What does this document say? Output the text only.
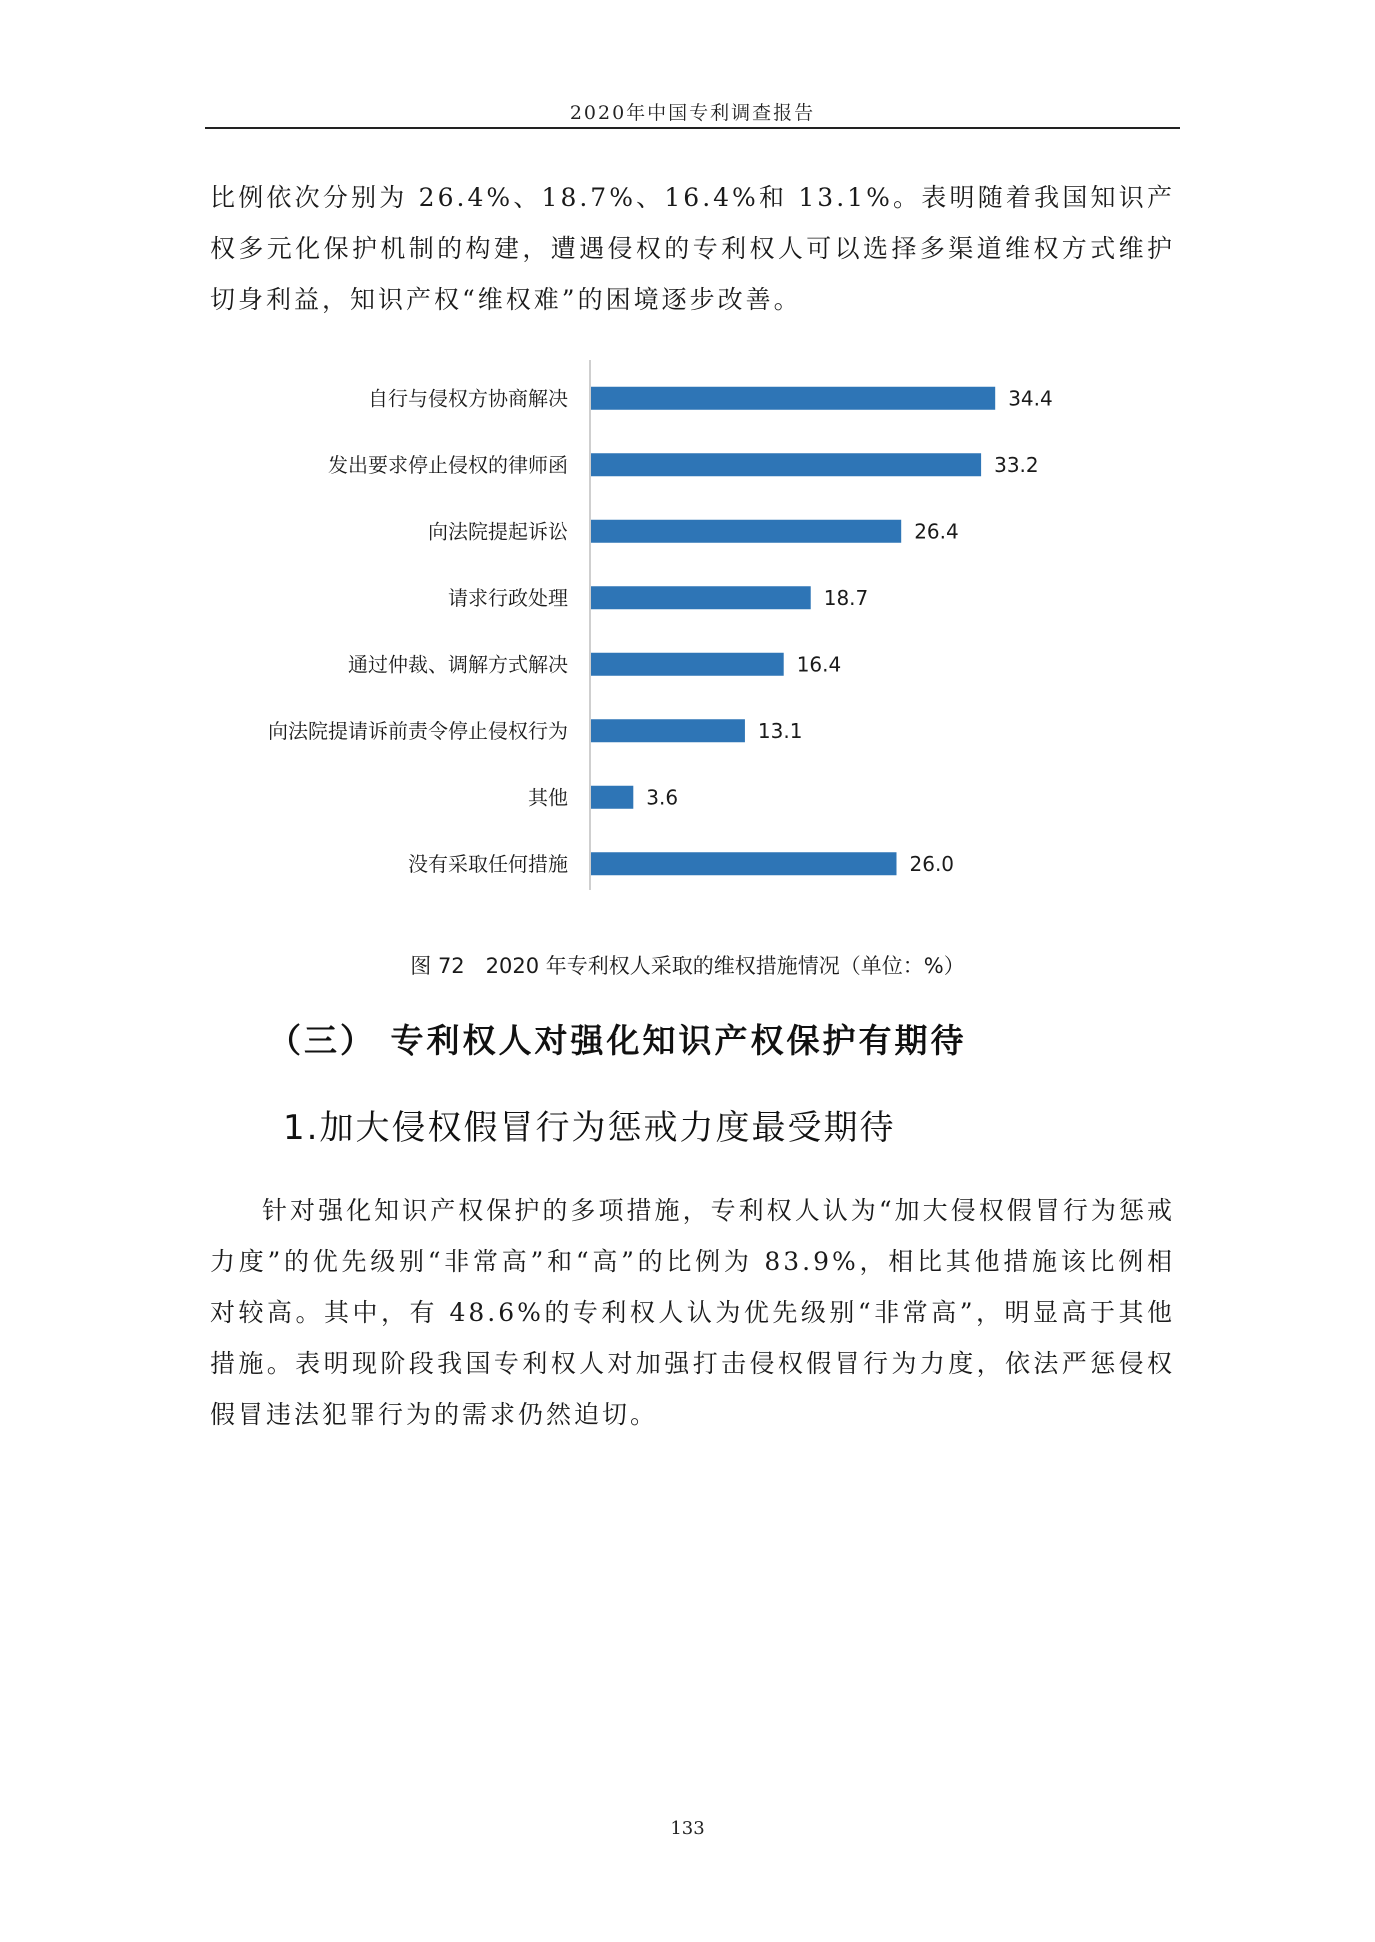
2020年中国专利调查报告
比例依次分别为 26.4%、18.7%、16.4%和 13.1%。表明随着我国知识产权多元化保护机制的构建，遭遇侵权的专利权人可以选择多渠道维权方式维护切身利益，知识产权“维权难”的困境逐步改善。
自行与侵权方协商解决	34.4
发出要求停止侵权的律师函	33.2
向法院提起诉讼	26.4
请求行政处理	18.7
通过仲裁、调解方式解决	16.4
向法院提请诉前责令停止侵权行为	13.1
其他	3.6
没有采取任何措施	26.0
图 72　2020 年专利权人采取的维权措施情况（单位：%）
（三） 专利权人对强化知识产权保护有期待
1.加大侵权假冒行为惩戒力度最受期待
针对强化知识产权保护的多项措施，专利权人认为“加大侵权假冒行为惩戒力度”的优先级别“非常高”和“高”的比例为 83.9%，相比其他措施该比例相对较高。其中，有 48.6%的专利权人认为优先级别“非常高”，明显高于其他措施。表明现阶段我国专利权人对加强打击侵权假冒行为力度，依法严惩侵权假冒违法犯罪行为的需求仍然迫切。
133
